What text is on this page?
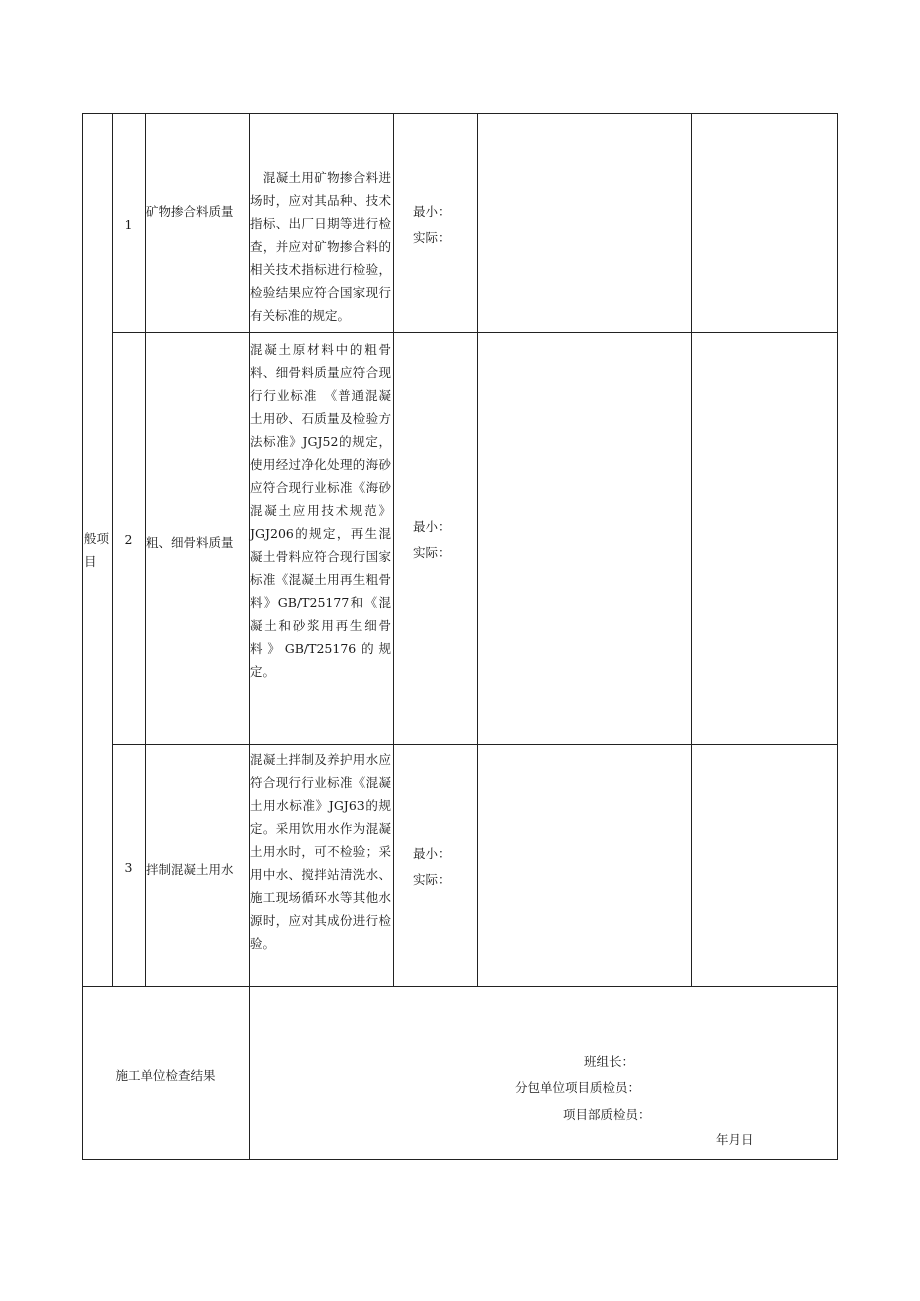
般项目
1
矿物掺合料质量
　混凝土用矿物掺合料进场时，应对其品种、技术指标、出厂日期等进行检查，并应对矿物掺合料的相关技术指标进行检验，检验结果应符合国家现行有关标准的规定。
最小：
实际：
2	粗、细骨料质量
混凝土原材料中的粗骨料、细骨料质量应符合现行行业标准　《普通混凝土用砂、石质量及检验方法标准》JGJ52的规定，使用经过净化处理的海砂应符合现行业标准《海砂混凝土应用技术规范》JGJ206的规定，再生混凝土骨料应符合现行国家标准《混凝土用再生粗骨料》GB/T25177和《混凝土和砂浆用再生细骨料》GB/T25176的规定。
最小：
实际：
3	拌制混凝土用水
混凝土拌制及养护用水应符合现行行业标准《混凝土用水标准》JGJ63的规定。采用饮用水作为混凝土用水时，可不检验；采用中水、搅拌站清洗水、施工现场循环水等其他水源时，应对其成份进行检验。
最小：
实际：
施工单位检查结果
班组长：
分包单位项目质检员：
项目部质检员：
年月日
